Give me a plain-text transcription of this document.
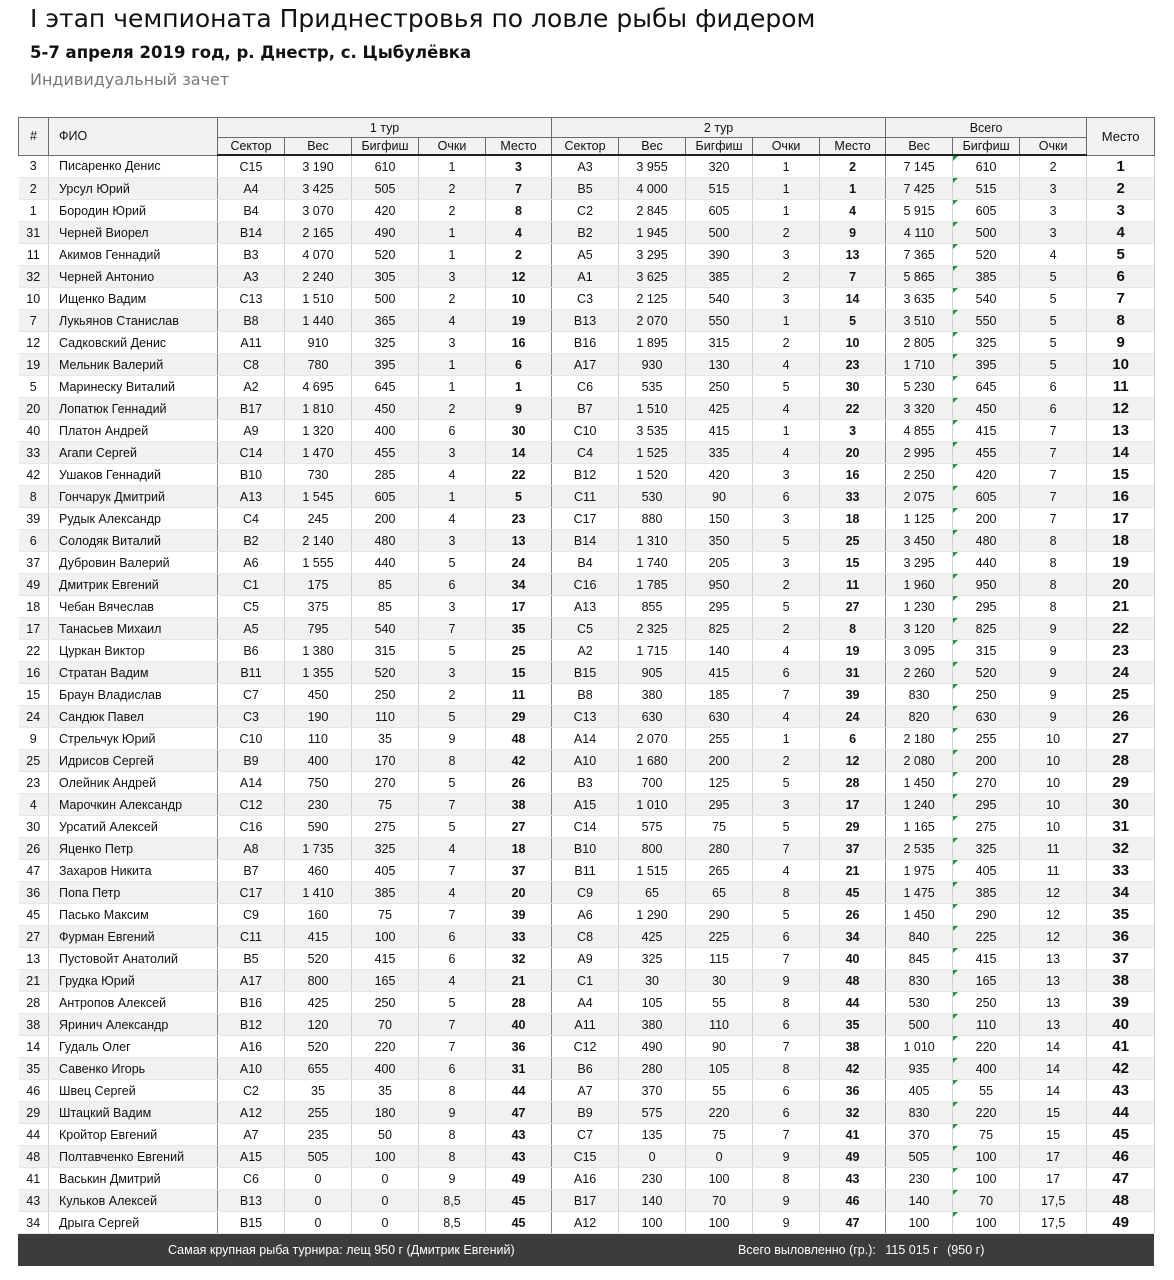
I этап чемпионата Приднестровья по ловле рыбы фидером
5-7 апреля 2019 год, р. Днестр, с. Цыбулёвка
Индивидуальный зачет
#	ФИО	1 тур					2 тур					Всего			Место
		Сектор	Вес	Бигфиш	Очки	Место	Сектор	Вес	Бигфиш	Очки	Место	Вес	Бигфиш	Очки	
3	Писаренко Денис	C15	3 190	610	1	3	A3	3 955	320	1	2	7 145	610	2	1
2	Урсул Юрий	A4	3 425	505	2	7	B5	4 000	515	1	1	7 425	515	3	2
1	Бородин Юрий	B4	3 070	420	2	8	C2	2 845	605	1	4	5 915	605	3	3
31	Черней Виорел	B14	2 165	490	1	4	B2	1 945	500	2	9	4 110	500	3	4
11	Акимов Геннадий	B3	4 070	520	1	2	A5	3 295	390	3	13	7 365	520	4	5
32	Черней Антонио	A3	2 240	305	3	12	A1	3 625	385	2	7	5 865	385	5	6
10	Ищенко Вадим	C13	1 510	500	2	10	C3	2 125	540	3	14	3 635	540	5	7
7	Лукьянов Станислав	B8	1 440	365	4	19	B13	2 070	550	1	5	3 510	550	5	8
12	Садковский Денис	A11	910	325	3	16	B16	1 895	315	2	10	2 805	325	5	9
19	Мельник Валерий	C8	780	395	1	6	A17	930	130	4	23	1 710	395	5	10
5	Маринеску Виталий	A2	4 695	645	1	1	C6	535	250	5	30	5 230	645	6	11
20	Лопатюк Геннадий	B17	1 810	450	2	9	B7	1 510	425	4	22	3 320	450	6	12
40	Платон Андрей	A9	1 320	400	6	30	C10	3 535	415	1	3	4 855	415	7	13
33	Агапи Сергей	C14	1 470	455	3	14	C4	1 525	335	4	20	2 995	455	7	14
42	Ушаков Геннадий	B10	730	285	4	22	B12	1 520	420	3	16	2 250	420	7	15
8	Гончарук Дмитрий	A13	1 545	605	1	5	C11	530	90	6	33	2 075	605	7	16
39	Рудык Александр	C4	245	200	4	23	C17	880	150	3	18	1 125	200	7	17
6	Солодяк Виталий	B2	2 140	480	3	13	B14	1 310	350	5	25	3 450	480	8	18
37	Дубровин Валерий	A6	1 555	440	5	24	B4	1 740	205	3	15	3 295	440	8	19
49	Дмитрик Евгений	C1	175	85	6	34	C16	1 785	950	2	11	1 960	950	8	20
18	Чебан Вячеслав	C5	375	85	3	17	A13	855	295	5	27	1 230	295	8	21
17	Танасьев Михаил	A5	795	540	7	35	C5	2 325	825	2	8	3 120	825	9	22
22	Цуркан Виктор	B6	1 380	315	5	25	A2	1 715	140	4	19	3 095	315	9	23
16	Стратан Вадим	B11	1 355	520	3	15	B15	905	415	6	31	2 260	520	9	24
15	Браун Владислав	C7	450	250	2	11	B8	380	185	7	39	830	250	9	25
24	Сандюк Павел	C3	190	110	5	29	C13	630	630	4	24	820	630	9	26
9	Стрельчук Юрий	C10	110	35	9	48	A14	2 070	255	1	6	2 180	255	10	27
25	Идрисов Сергей	B9	400	170	8	42	A10	1 680	200	2	12	2 080	200	10	28
23	Олейник Андрей	A14	750	270	5	26	B3	700	125	5	28	1 450	270	10	29
4	Марочкин Александр	C12	230	75	7	38	A15	1 010	295	3	17	1 240	295	10	30
30	Урсатий Алексей	C16	590	275	5	27	C14	575	75	5	29	1 165	275	10	31
26	Яценко Петр	A8	1 735	325	4	18	B10	800	280	7	37	2 535	325	11	32
47	Захаров Никита	B7	460	405	7	37	B11	1 515	265	4	21	1 975	405	11	33
36	Попа Петр	C17	1 410	385	4	20	C9	65	65	8	45	1 475	385	12	34
45	Пасько Максим	C9	160	75	7	39	A6	1 290	290	5	26	1 450	290	12	35
27	Фурман Евгений	C11	415	100	6	33	C8	425	225	6	34	840	225	12	36
13	Пустовойт Анатолий	B5	520	415	6	32	A9	325	115	7	40	845	415	13	37
21	Грудка Юрий	A17	800	165	4	21	C1	30	30	9	48	830	165	13	38
28	Антропов Алексей	B16	425	250	5	28	A4	105	55	8	44	530	250	13	39
38	Яринич Александр	B12	120	70	7	40	A11	380	110	6	35	500	110	13	40
14	Гудаль Олег	A16	520	220	7	36	C12	490	90	7	38	1 010	220	14	41
35	Савенко Игорь	A10	655	400	6	31	B6	280	105	8	42	935	400	14	42
46	Швец Сергей	C2	35	35	8	44	A7	370	55	6	36	405	55	14	43
29	Штацкий Вадим	A12	255	180	9	47	B9	575	220	6	32	830	220	15	44
44	Кройтор Евгений	A7	235	50	8	43	C7	135	75	7	41	370	75	15	45
48	Полтавченко Евгений	A15	505	100	8	43	C15	0	0	9	49	505	100	17	46
41	Васькин Дмитрий	C6	0	0	9	49	A16	230	100	8	43	230	100	17	47
43	Кульков Алексей	B13	0	0	8,5	45	B17	140	70	9	46	140	70	17,5	48
34	Дрыга Сергей	B15	0	0	8,5	45	A12	100	100	9	47	100	100	17,5	49
Самая крупная рыба турнира: лещ 950 г (Дмитрик Евгений)	Всего выловленно (гр.): 115 015 г (950 г)
